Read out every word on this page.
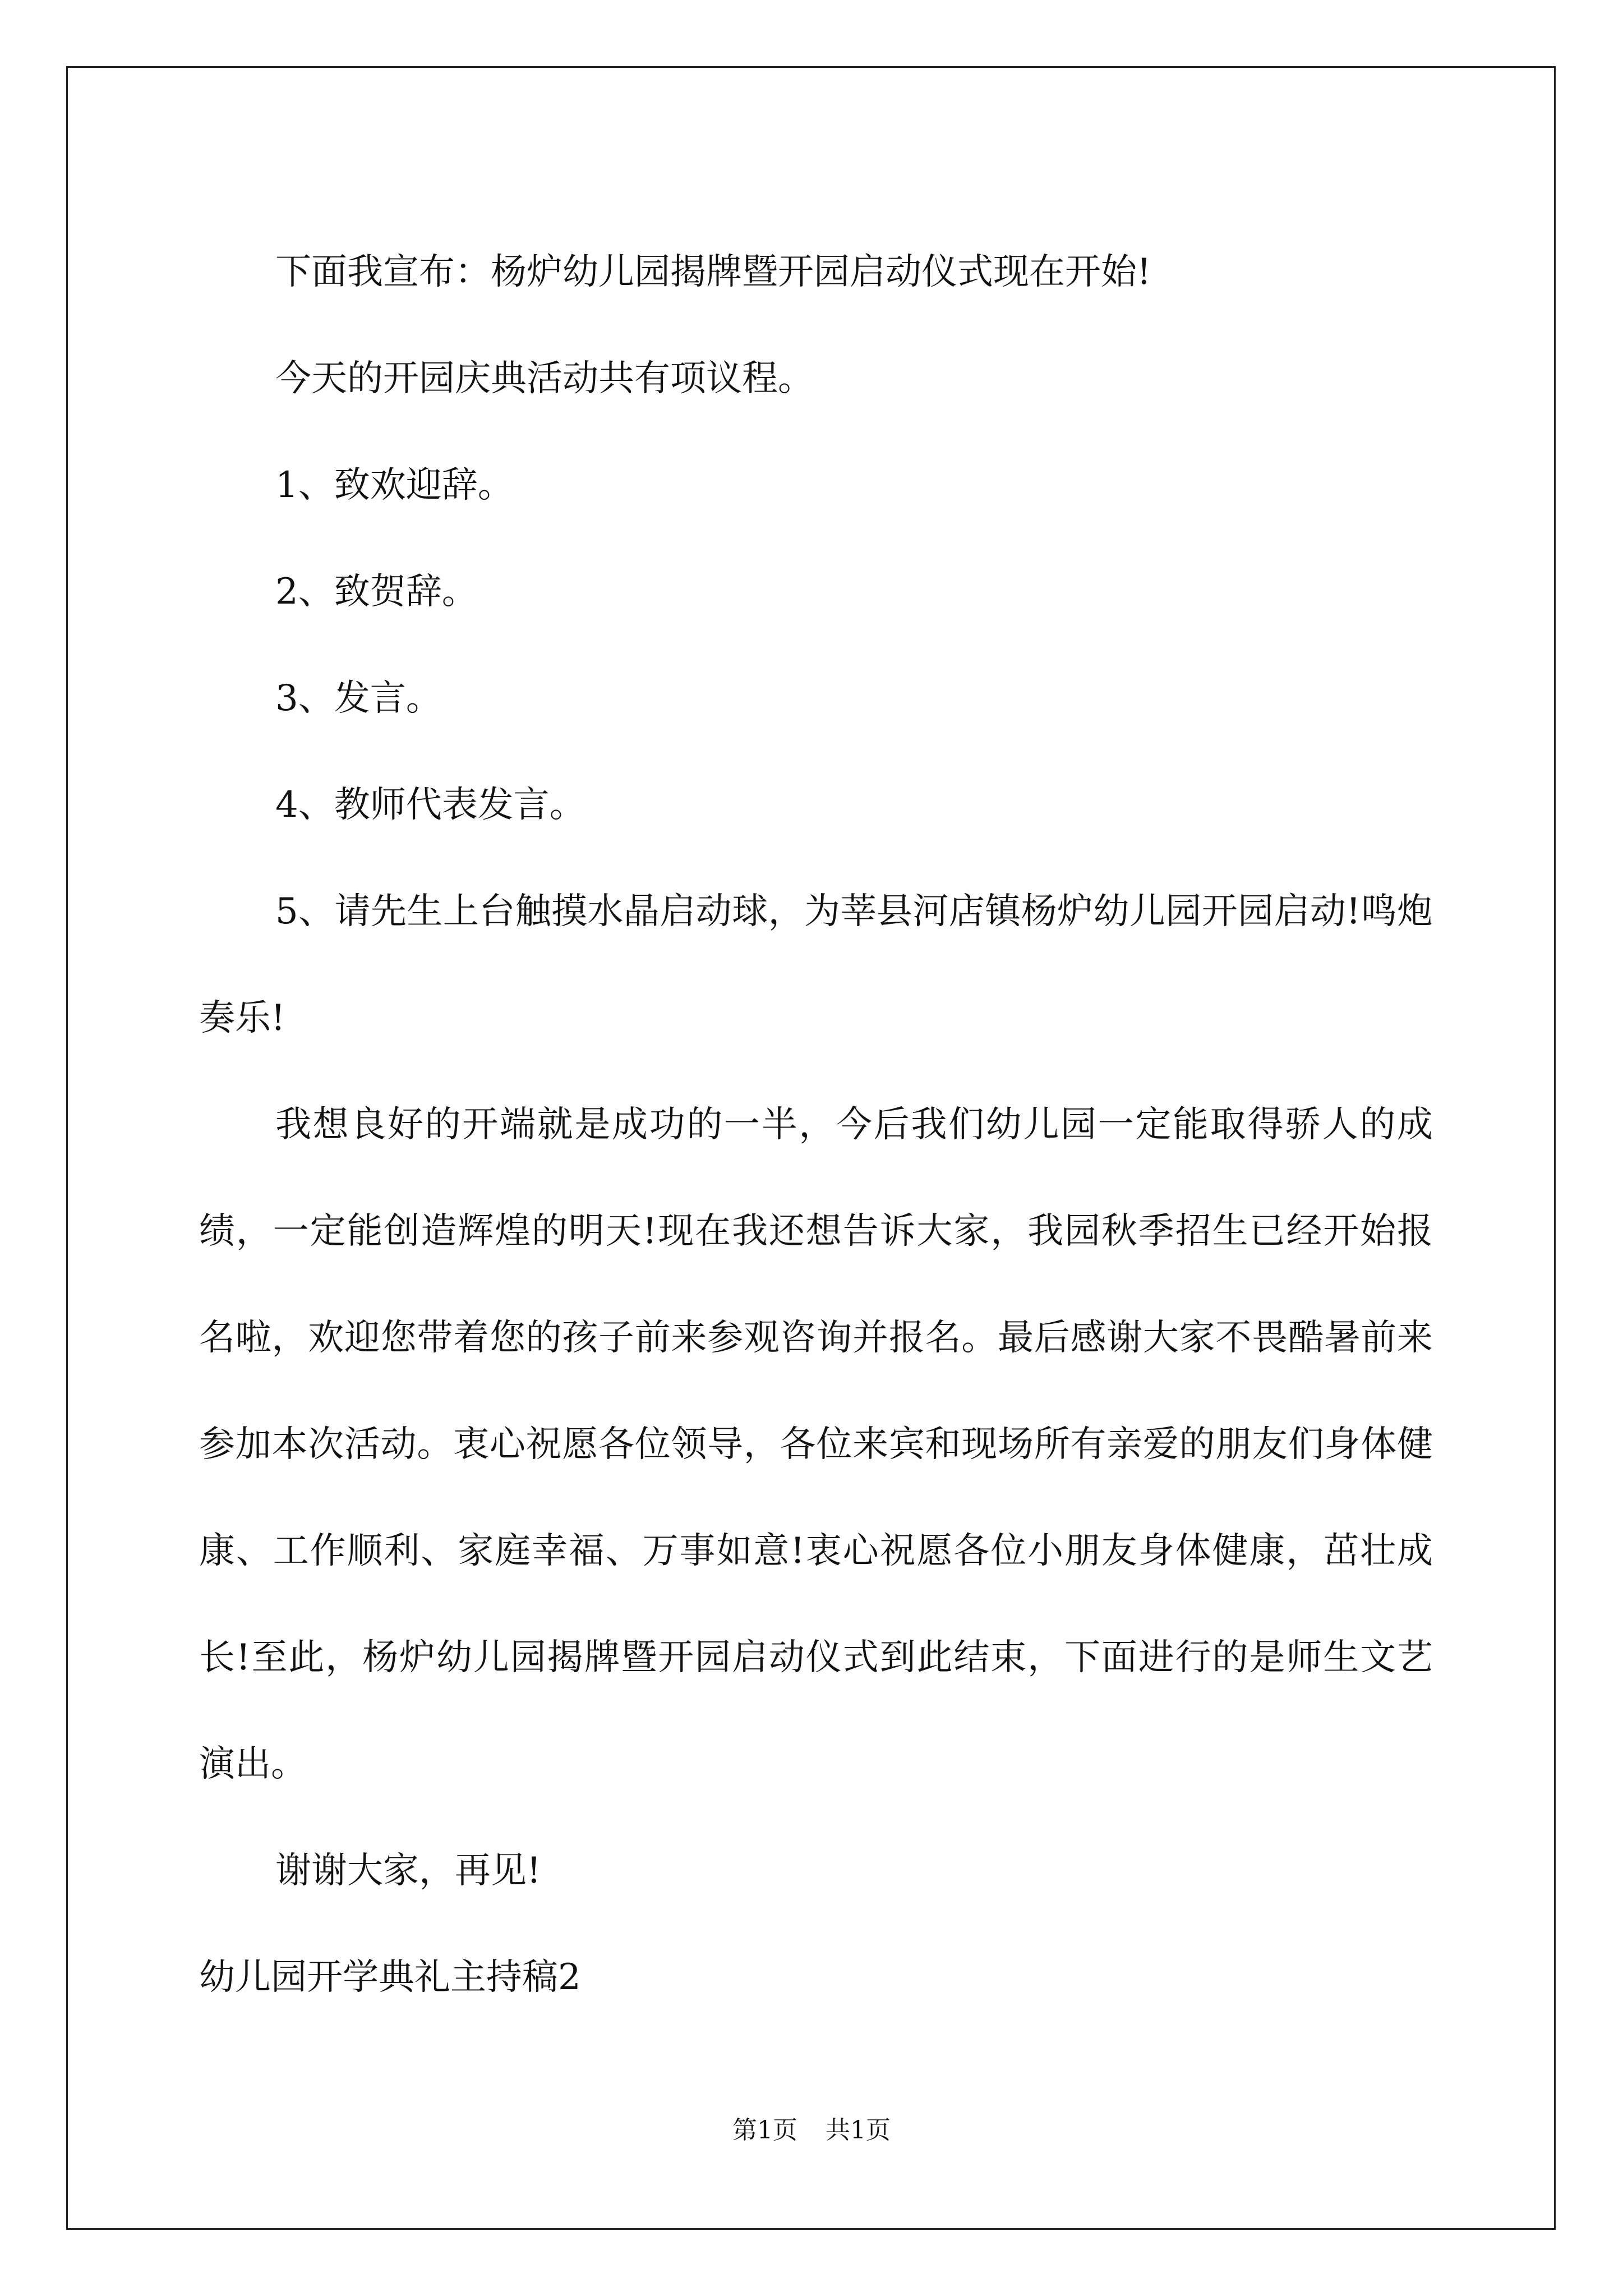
下面我宣布：杨炉幼儿园揭牌暨开园启动仪式现在开始!

今天的开园庆典活动共有项议程。

1、致欢迎辞。

2、致贺辞。

3、发言。

4、教师代表发言。

5、请先生上台触摸水晶启动球，为莘县河店镇杨炉幼儿园开园启动!鸣炮奏乐!

我想良好的开端就是成功的一半，今后我们幼儿园一定能取得骄人的成绩，一定能创造辉煌的明天!现在我还想告诉大家，我园秋季招生已经开始报名啦，欢迎您带着您的孩子前来参观咨询并报名。最后感谢大家不畏酷暑前来参加本次活动。衷心祝愿各位领导，各位来宾和现场所有亲爱的朋友们身体健康、工作顺利、家庭幸福、万事如意!衷心祝愿各位小朋友身体健康，茁壮成长!至此，杨炉幼儿园揭牌暨开园启动仪式到此结束，下面进行的是师生文艺演出。

谢谢大家，再见!

幼儿园开学典礼主持稿2

第1页 共1页
